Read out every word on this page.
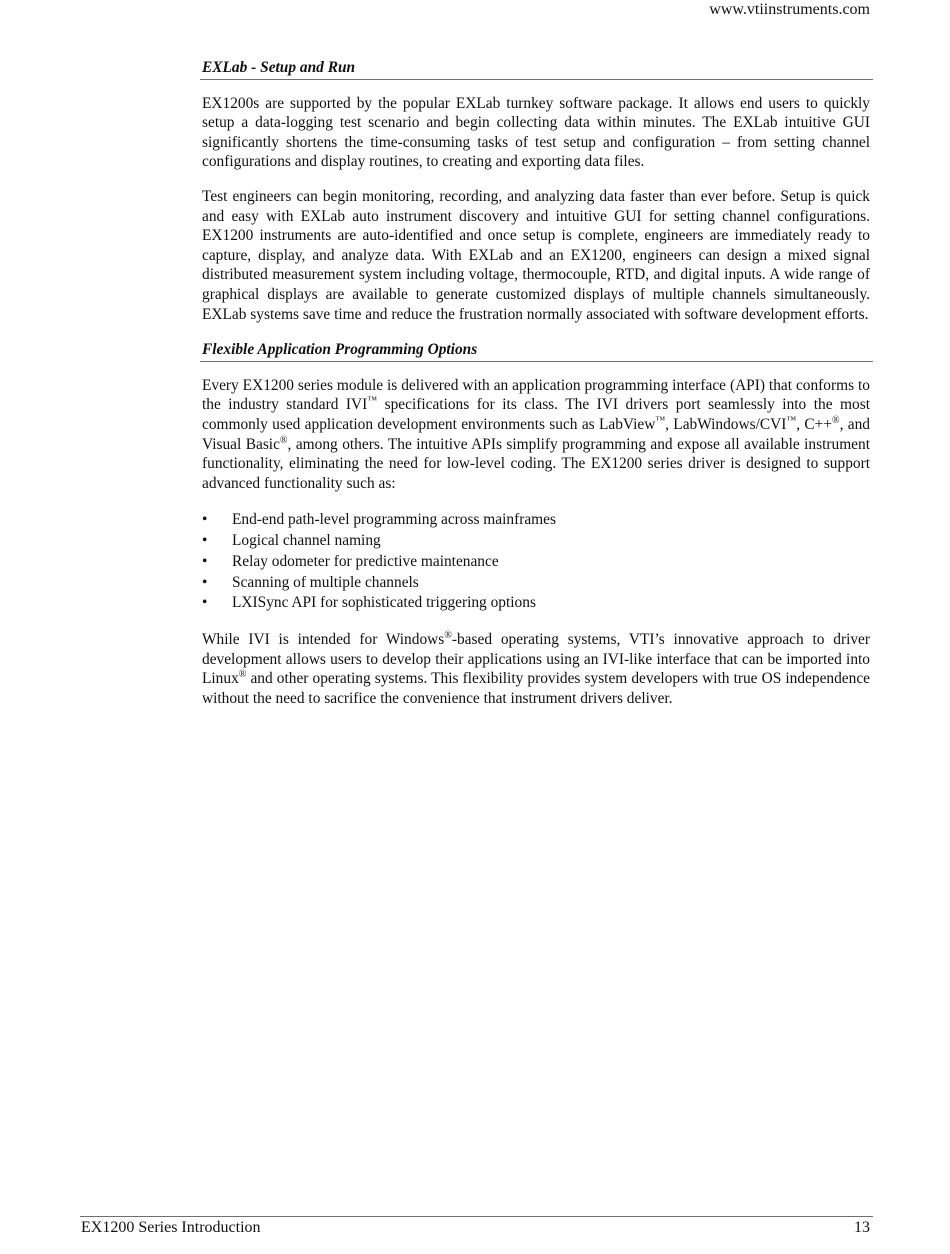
www.vtiinstruments.com
EXLab - Setup and Run

EX1200s are supported by the popular EXLab turnkey software package. It allows end users to quickly setup a data-logging test scenario and begin collecting data within minutes. The EXLab intuitive GUI significantly shortens the time-consuming tasks of test setup and configuration – from setting channel configurations and display routines, to creating and exporting data files.

Test engineers can begin monitoring, recording, and analyzing data faster than ever before. Setup is quick and easy with EXLab auto instrument discovery and intuitive GUI for setting channel configurations. EX1200 instruments are auto-identified and once setup is complete, engineers are immediately ready to capture, display, and analyze data. With EXLab and an EX1200, engineers can design a mixed signal distributed measurement system including voltage, thermocouple, RTD, and digital inputs. A wide range of graphical displays are available to generate customized displays of multiple channels simultaneously. EXLab systems save time and reduce the frustration normally associated with software development efforts.

Flexible Application Programming Options

Every EX1200 series module is delivered with an application programming interface (API) that conforms to the industry standard IVI™ specifications for its class. The IVI drivers port seamlessly into the most commonly used application development environments such as LabView™, LabWindows/CVI™, C++®, and Visual Basic®, among others. The intuitive APIs simplify programming and expose all available instrument functionality, eliminating the need for low-level coding. The EX1200 series driver is designed to support advanced functionality such as:

• End-end path-level programming across mainframes
• Logical channel naming
• Relay odometer for predictive maintenance
• Scanning of multiple channels
• LXISync API for sophisticated triggering options

While IVI is intended for Windows®-based operating systems, VTI’s innovative approach to driver development allows users to develop their applications using an IVI-like interface that can be imported into Linux® and other operating systems. This flexibility provides system developers with true OS independence without the need to sacrifice the convenience that instrument drivers deliver.

EX1200 Series Introduction	13
